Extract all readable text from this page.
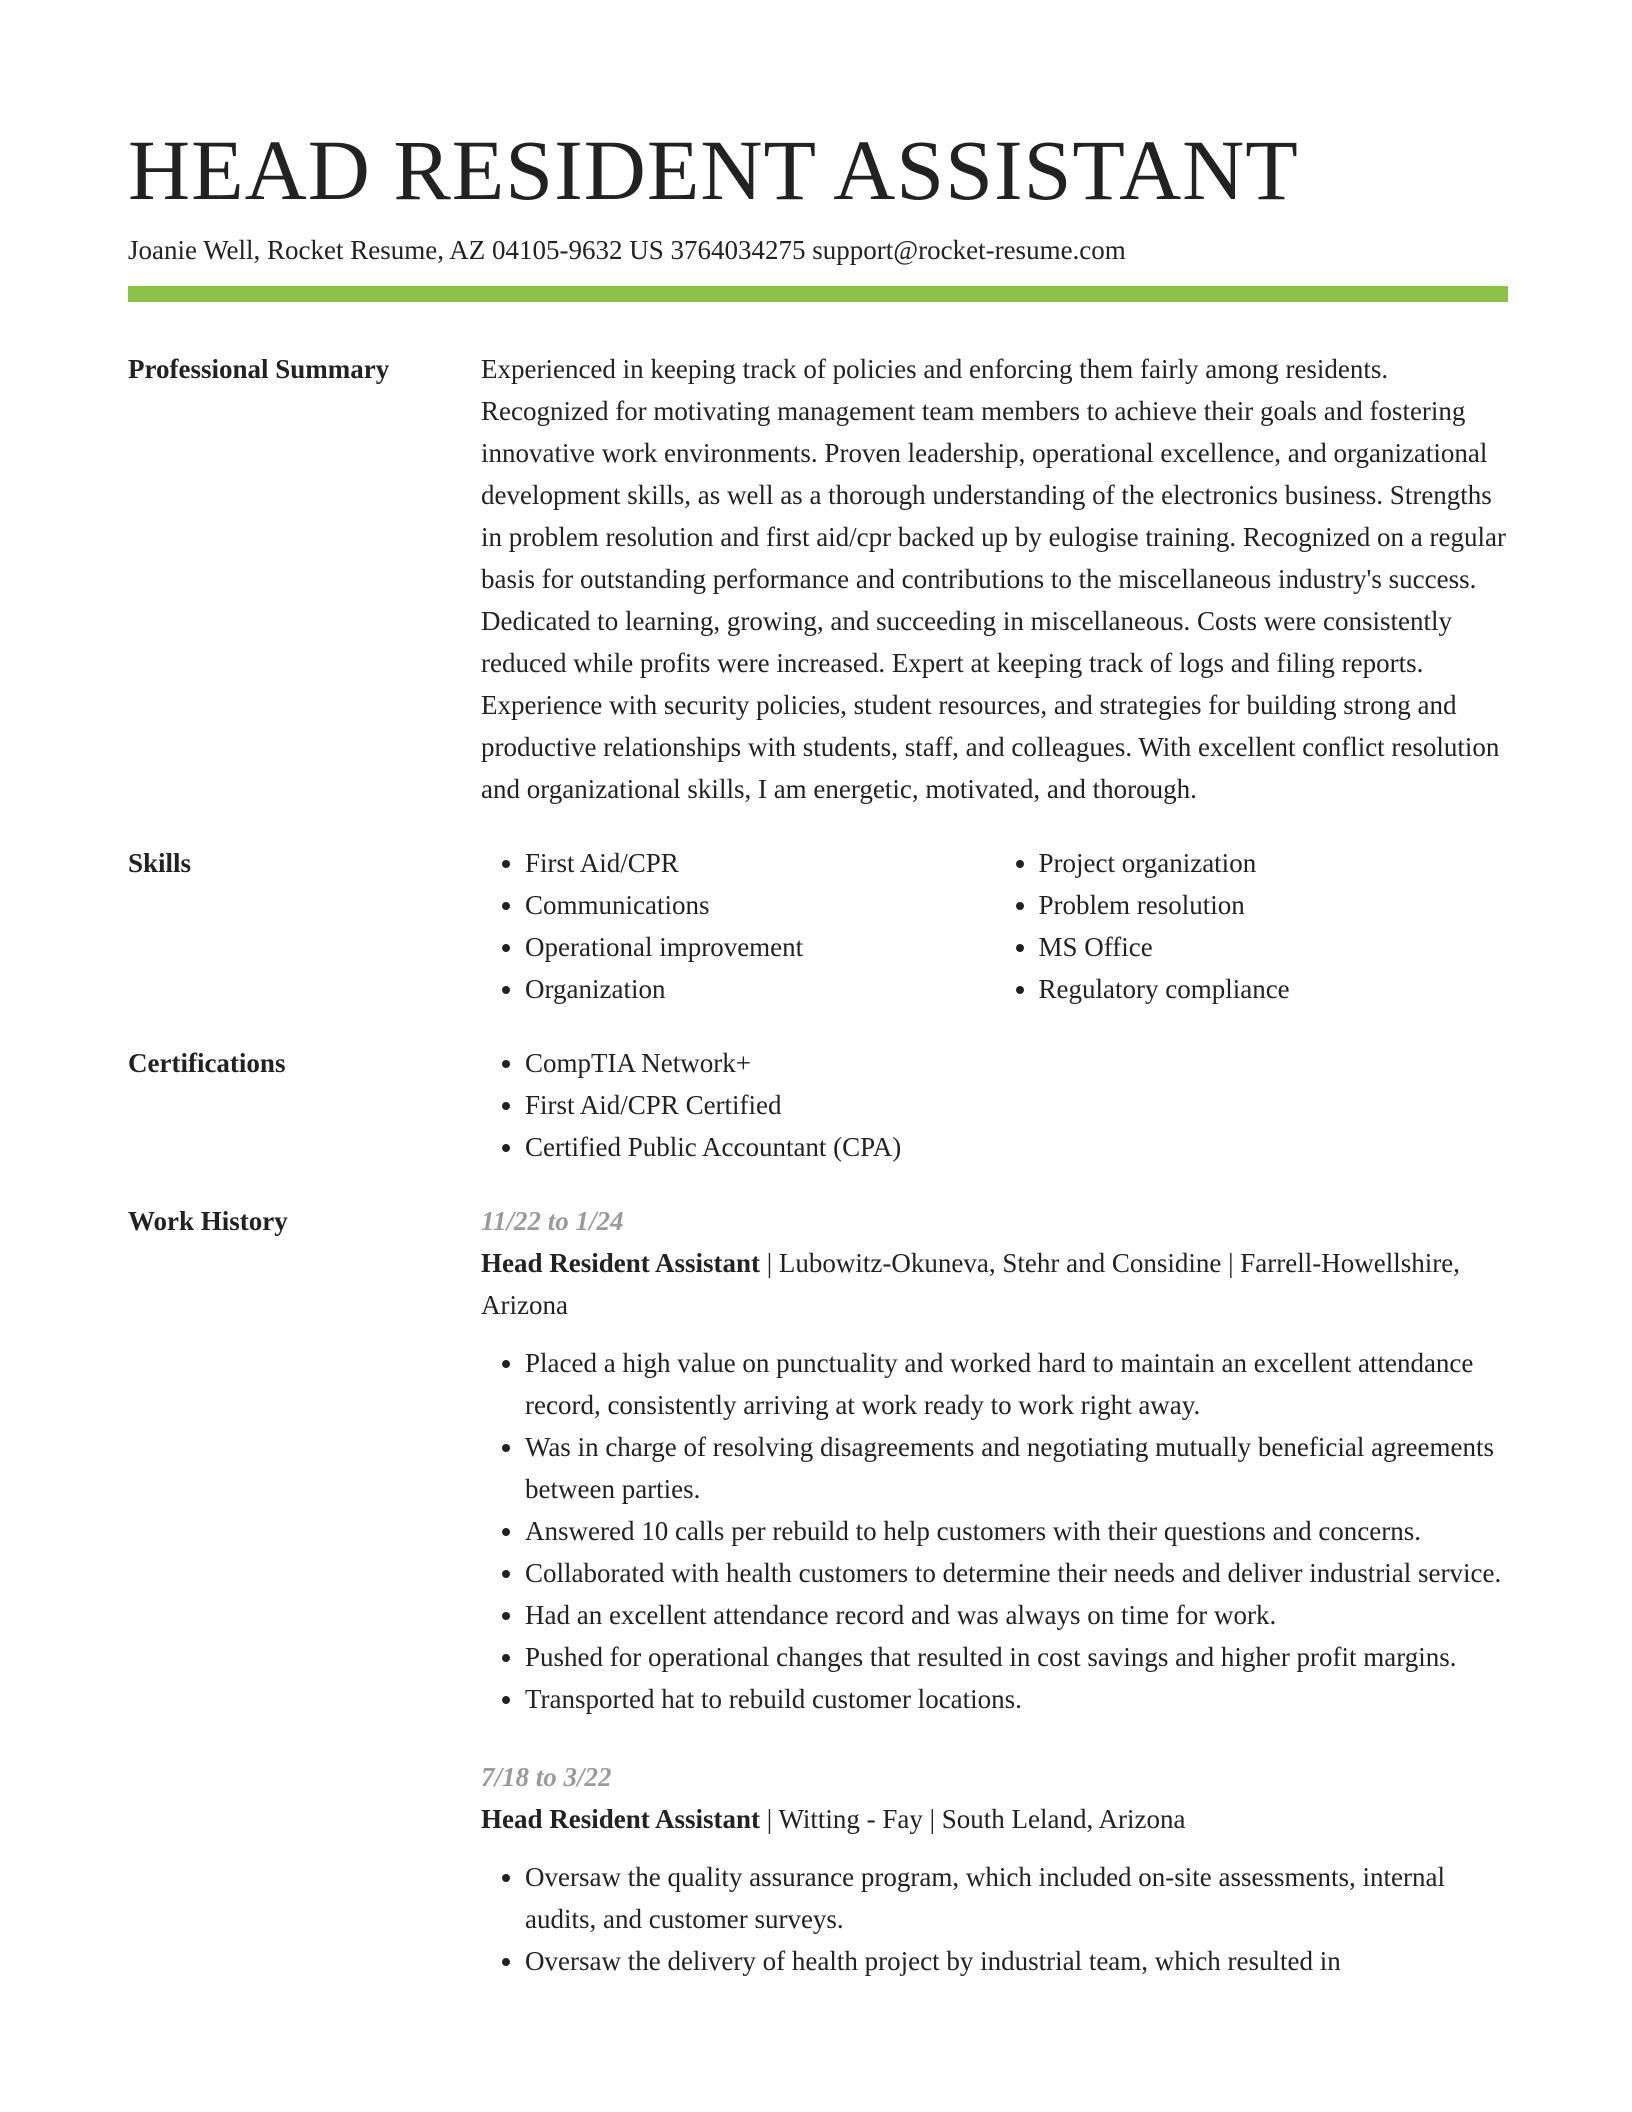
HEAD RESIDENT ASSISTANT
Joanie Well, Rocket Resume, AZ 04105-9632 US 3764034275 support@rocket-resume.com
Professional Summary	Experienced in keeping track of policies and enforcing them fairly among residents. Recognized for motivating management team members to achieve their goals and fostering innovative work environments. Proven leadership, operational excellence, and organizational development skills, as well as a thorough understanding of the electronics business. Strengths in problem resolution and first aid/cpr backed up by eulogise training. Recognized on a regular basis for outstanding performance and contributions to the miscellaneous industry's success. Dedicated to learning, growing, and succeeding in miscellaneous. Costs were consistently reduced while profits were increased. Expert at keeping track of logs and filing reports. Experience with security policies, student resources, and strategies for building strong and productive relationships with students, staff, and colleagues. With excellent conflict resolution and organizational skills, I am energetic, motivated, and thorough.

Skills	• First Aid/CPR
• Communications
• Operational improvement
• Organization
• Project organization
• Problem resolution
• MS Office
• Regulatory compliance
Certifications	• CompTIA Network+
• First Aid/CPR Certified
• Certified Public Accountant (CPA)
Work History	11/22 to 1/24
Head Resident Assistant | Lubowitz-Okuneva, Stehr and Considine | Farrell-Howellshire, Arizona
• Placed a high value on punctuality and worked hard to maintain an excellent attendance record, consistently arriving at work ready to work right away.
• Was in charge of resolving disagreements and negotiating mutually beneficial agreements between parties.
• Answered 10 calls per rebuild to help customers with their questions and concerns.
• Collaborated with health customers to determine their needs and deliver industrial service.
• Had an excellent attendance record and was always on time for work.
• Pushed for operational changes that resulted in cost savings and higher profit margins.
• Transported hat to rebuild customer locations.
7/18 to 3/22
Head Resident Assistant | Witting - Fay | South Leland, Arizona
• Oversaw the quality assurance program, which included on-site assessments, internal audits, and customer surveys.
• Oversaw the delivery of health project by industrial team, which resulted in
